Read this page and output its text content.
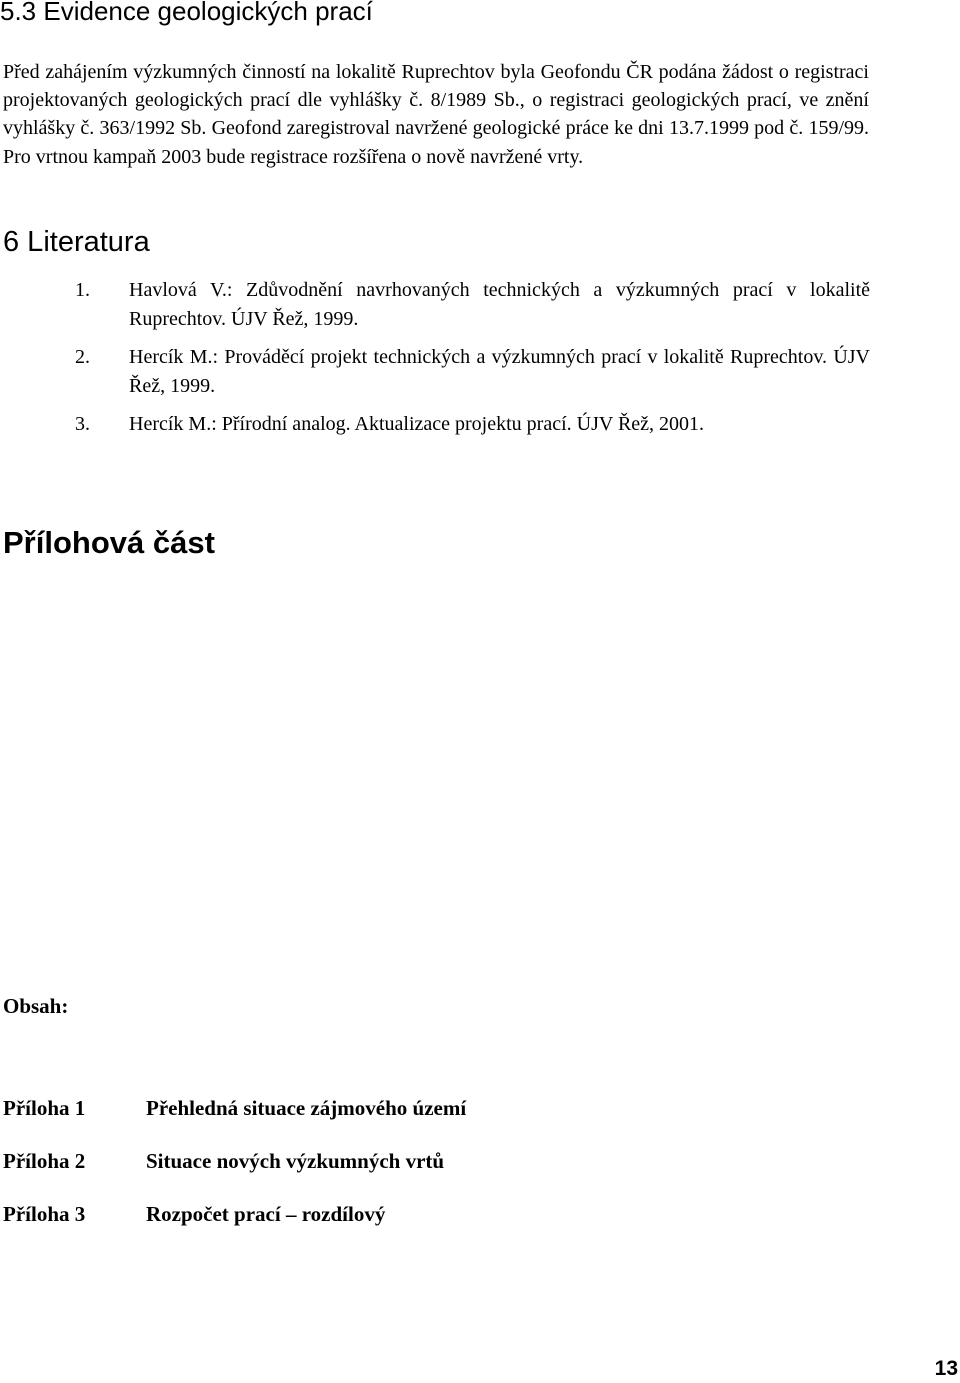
5.3 Evidence geologických prací
Před zahájením výzkumných činností na lokalitě Ruprechtov byla Geofondu ČR podána žádost o registraci projektovaných geologických prací dle vyhlášky č. 8/1989 Sb., o registraci geologických prací, ve znění vyhlášky č. 363/1992 Sb. Geofond zaregistroval navržené geologické práce ke dni 13.7.1999 pod č. 159/99. Pro vrtnou kampaň 2003 bude registrace rozšířena o nově navržené vrty.
6 Literatura
1. Havlová V.: Zdůvodnění navrhovaných technických a výzkumných prací v lokalitě Ruprechtov. ÚJV Řež, 1999.
2. Hercík M.: Prováděcí projekt technických a výzkumných prací v lokalitě Ruprechtov. ÚJV Řež, 1999.
3. Hercík M.: Přírodní analog. Aktualizace projektu prací. ÚJV Řež, 2001.
Přílohová část
Obsah:
Příloha 1	Přehledná situace zájmového území
Příloha 2	Situace nových výzkumných vrtů
Příloha 3	Rozpočet prací – rozdílový
13
